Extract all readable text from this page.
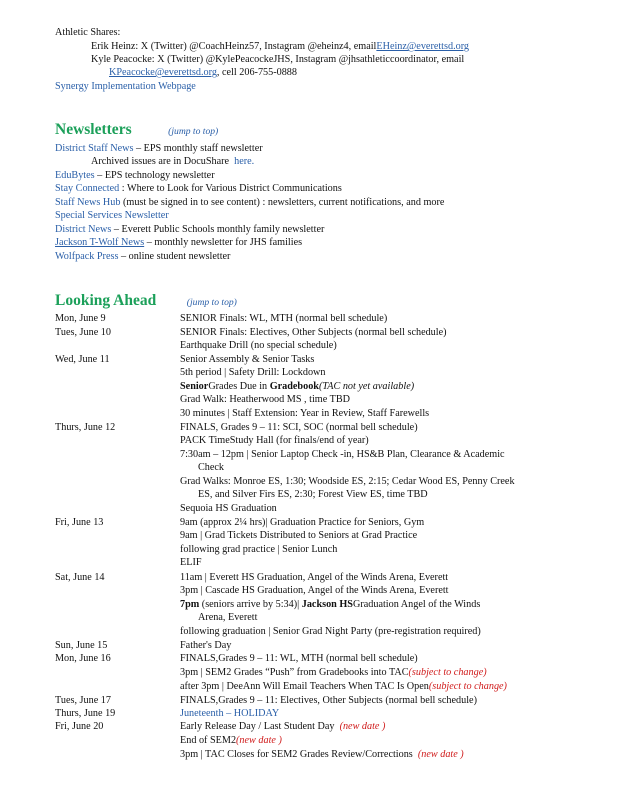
Athletic Shares:
Erik Heinz: X (Twitter) @CoachHeinz57, Instagram @eheinz4, emailEHeinz@everettsd.org
Kyle Peacocke: X (Twitter) @KylePeacockeJHS, Instagram @jhsathleticcoordinator, email
KPeacocke@everettsd.org, cell 206-755-0888
Synergy Implementation Webpage
Newsletters	(jump to top)
District Staff News – EPS monthly staff newsletter
Archived issues are in DocuShare here.
EduBytes – EPS technology newsletter
Stay Connected : Where to Look for Various District Communications
Staff News Hub (must be signed in to see content) : newsletters, current notifications, and more
Special Services Newsletter
District News – Everett Public Schools monthly family newsletter
Jackson T-Wolf News – monthly newsletter for JHS families
Wolfpack Press – online student newsletter
Looking Ahead	(jump to top)
Mon, June 9	SENIOR Finals: WL, MTH (normal bell schedule)
Tues, June 10	SENIOR Finals: Electives, Other Subjects (normal bell schedule)
Earthquake Drill (no special schedule)
Wed, June 11	Senior Assembly & Senior Tasks
5th period | Safety Drill: Lockdown
SeniorGrades Due in Gradebook(TAC not yet available)
Grad Walk: Heatherwood MS , time TBD
30 minutes | Staff Extension: Year in Review, Staff Farewells
Thurs, June 12	FINALS, Grades 9 – 11: SCI, SOC (normal bell schedule)
PACK TimeStudy Hall (for finals/end of year)
7:30am – 12pm | Senior Laptop Check -in, HS&B Plan, Clearance & Academic
Check
Grad Walks: Monroe ES, 1:30; Woodside ES, 2:15; Cedar Wood ES, Penny Creek
ES, and Silver Firs ES, 2:30; Forest View ES, time TBD
Sequoia HS Graduation
Fri, June 13	9am (approx 2¼ hrs)| Graduation Practice for Seniors, Gym
9am | Grad Tickets Distributed to Seniors at Grad Practice
following grad practice | Senior Lunch
ELIF
Sat, June 14	11am | Everett HS Graduation, Angel of the Winds Arena, Everett
3pm | Cascade HS Graduation, Angel of the Winds Arena, Everett
7pm (seniors arrive by 5:34)| Jackson HSGraduation Angel of the Winds
Arena, Everett
following graduation | Senior Grad Night Party (pre-registration required)
Sun, June 15	Father's Day
Mon, June 16	FINALS,Grades 9 – 11: WL, MTH (normal bell schedule)
3pm | SEM2 Grades “Push” from Gradebooks into TAC(subject to change)
after 3pm | DeeAnn Will Email Teachers When TAC Is Open(subject to change)
Tues, June 17	FINALS,Grades 9 – 11: Electives, Other Subjects (normal bell schedule)
Thurs, June 19	Juneteenth – HOLIDAY
Fri, June 20	Early Release Day / Last Student Day (new date )
End of SEM2(new date )
3pm | TAC Closes for SEM2 Grades Review/Corrections (new date )
